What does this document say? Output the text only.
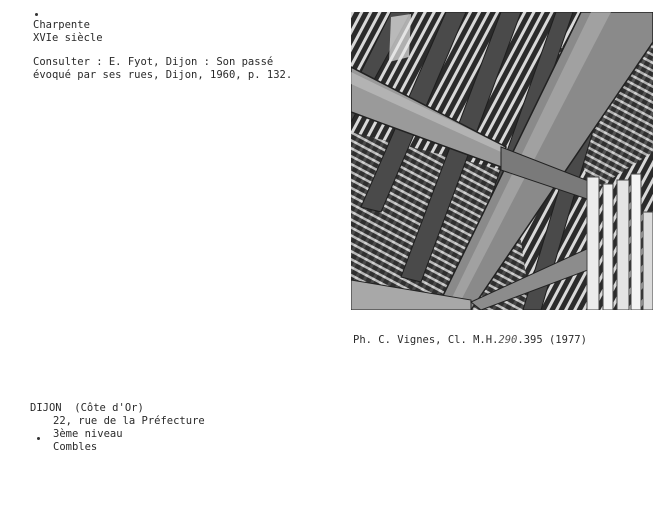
Charpente

XVIe siècle

Consulter : E. Fyot, Dijon : Son passé

évoqué par ses rues, Dijon, 1960, p. 132.

Ph. C. Vignes, Cl. M.H.290.395 (1977)

DIJON  (Côte d'Or)

22, rue de la Préfecture

3ème niveau

Combles
